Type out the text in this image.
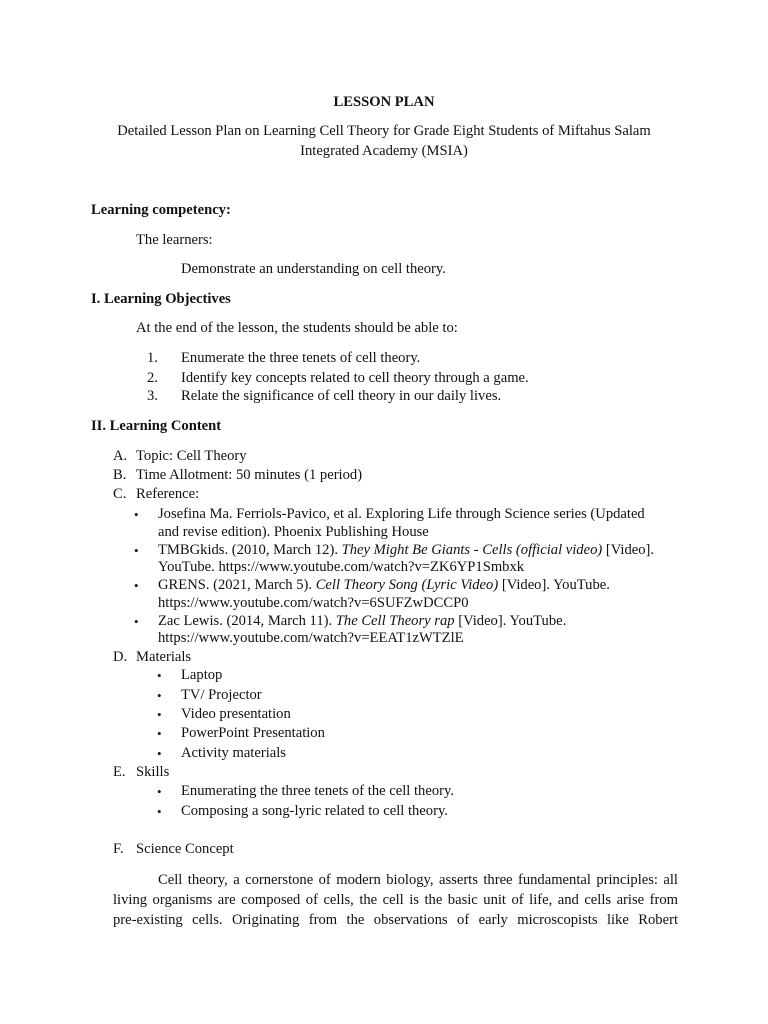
LESSON PLAN
Detailed Lesson Plan on Learning Cell Theory for Grade Eight Students of Miftahus Salam
Integrated Academy (MSIA)
Learning competency:
The learners:
Demonstrate an understanding on cell theory.
I. Learning Objectives
At the end of the lesson, the students should be able to:
1. Enumerate the three tenets of cell theory.
2. Identify key concepts related to cell theory through a game.
3. Relate the significance of cell theory in our daily lives.
II. Learning Content
A. Topic: Cell Theory
B. Time Allotment: 50 minutes (1 period)
C. Reference:
• Josefina Ma. Ferriols-Pavico, et al. Exploring Life through Science series (Updated
and revise edition). Phoenix Publishing House
• TMBGkids. (2010, March 12). They Might Be Giants - Cells (official video) [Video].
YouTube. https://www.youtube.com/watch?v=ZK6YP1Smbxk
• GRENS. (2021, March 5). Cell Theory Song (Lyric Video) [Video]. YouTube.
https://www.youtube.com/watch?v=6SUFZwDCCP0
• Zac Lewis. (2014, March 11). The Cell Theory rap [Video]. YouTube.
https://www.youtube.com/watch?v=EEAT1zWTZlE
D. Materials
• Laptop
• TV/ Projector
• Video presentation
• PowerPoint Presentation
• Activity materials
E. Skills
• Enumerating the three tenets of the cell theory.
• Composing a song-lyric related to cell theory.
F. Science Concept
Cell theory, a cornerstone of modern biology, asserts three fundamental principles: all
living organisms are composed of cells, the cell is the basic unit of life, and cells arise from
pre-existing cells. Originating from the observations of early microscopists like Robert
